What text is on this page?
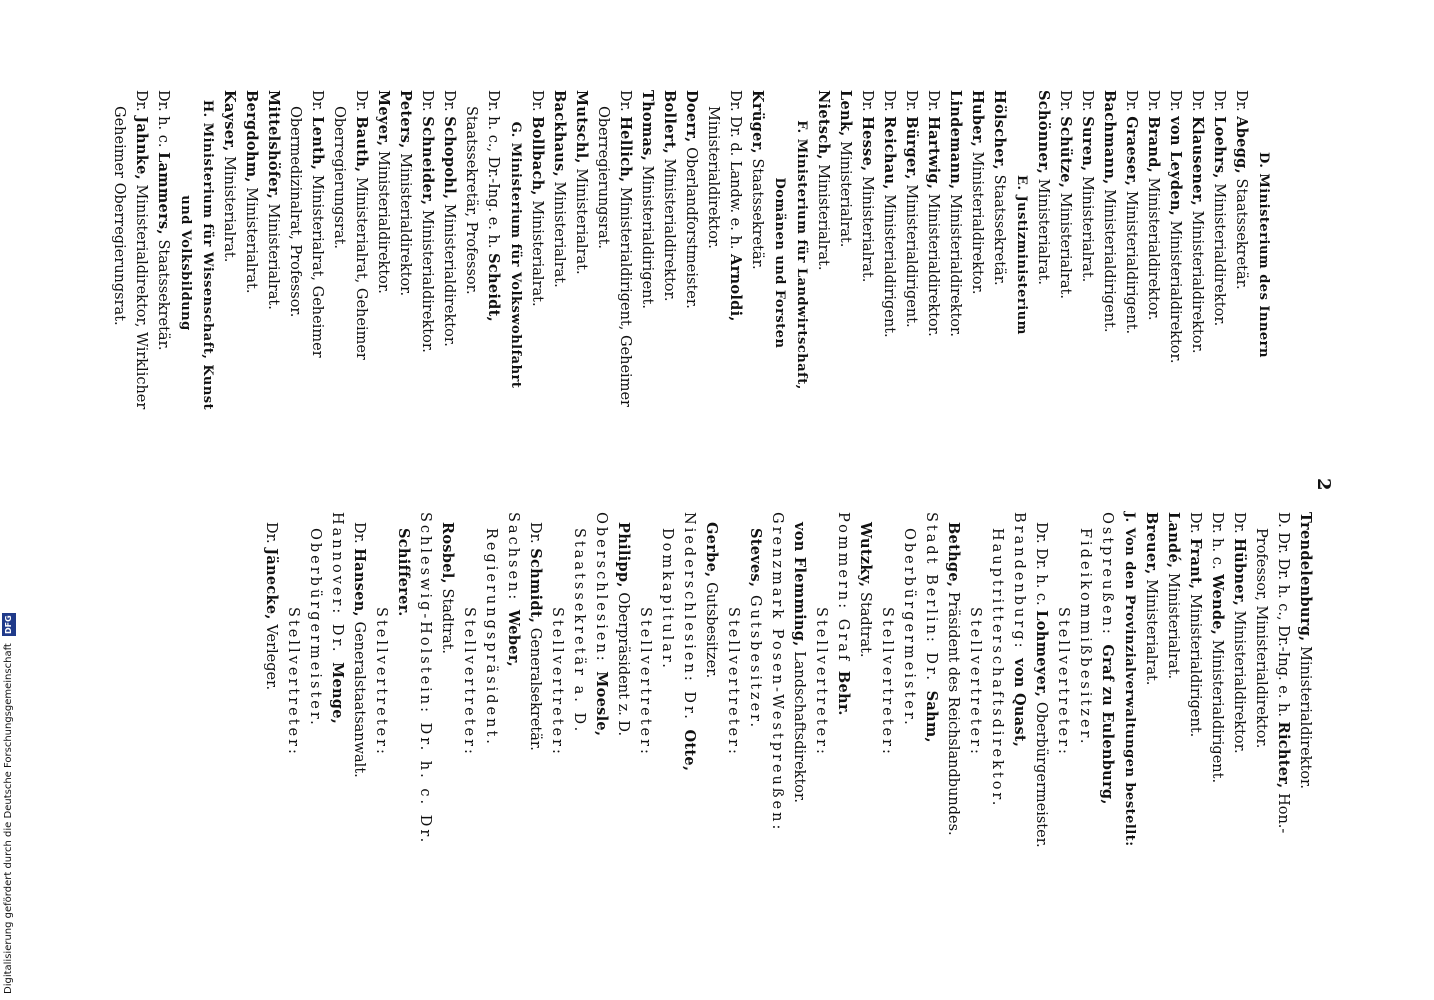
2

D. Ministerium des Innern

Dr. Abegg, Staatssekretär.

Dr. Loehrs, Ministerialdirektor.

Dr. Klausener, Ministerialdirektor.

Dr. von Leyden, Ministerialdirektor.

Dr. Brand, Ministerialdirektor.

Dr. Graeser, Ministerialdirigent.

Bachmann, Ministerialdirigent.

Dr. Suren, Ministerialrat.

Dr. Schütze, Ministerialrat.

Schönner, Ministerialrat.

E. Justizministerium

Hölscher, Staatssekretär.

Huber, Ministerialdirektor.

Lindemann, Ministerialdirektor.

Dr. Hartwig, Ministerialdirektor.

Dr. Bürger, Ministerialdirigent.

Dr. Reichau, Ministerialdirigent.

Dr. Hesse, Ministerialrat.

Lenk, Ministerialrat.

Nietsch, Ministerialrat.

F. Ministerium für Landwirtschaft, Domänen und Forsten

Krüger, Staatssekretär.

Dr. Dr. d. Landw. e. h. Arnoldi, Ministerialdirektor.

Doerr, Oberlandforstmeister.

Bollert, Ministerialdirektor.

Thomas, Ministerialdirigent.

Dr. Hellich, Ministerialdirigent, Geheimer Oberregierungsrat.

Mutschl, Ministerialrat.

Backhaus, Ministerialrat.

Dr. Bollbach, Ministerialrat.

G. Ministerium für Volkswohlfahrt

Dr. h. c., Dr.-Ing. e. h. Scheidt, Staatssekretär, Professor.

Dr. Schopohl, Ministerialdirektor.

Dr. Schneider, Ministerialdirektor.

Peters, Ministerialdirektor.

Meyer, Ministerialdirektor.

Dr. Bauth, Ministerialrat, Geheimer Oberregierungsrat.

Dr. Lenth, Ministerialrat, Geheimer Obermedizinalrat, Professor.

Mittelshöfer, Ministerialrat.

Bergdohm, Ministerialrat.

Kayser, Ministerialrat.

H. Ministerium für Wissenschaft, Kunst und Volksbildung

Dr. h. c. Lammers, Staatssekretär.

Dr. Jahnke, Ministerialdirektor, Wirklicher Geheimer Oberregierungsrat.

Trendelenburg, Ministerialdirektor.

D. Dr. Dr. h. c., Dr.-Ing. e. h. Richter, Hon.-Professor, Ministerialdirektor.

Dr. Hübner, Ministerialdirektor.

Dr. h. c. Wende, Ministerialdirigent.

Dr. Frant, Ministerialdirigent.

Landé, Ministerialrat.

Breuer, Ministerialrat.

J. Von den Provinzialverwaltungen bestellt:

Ostpreußen: Graf zu Eulenburg, Fideikommißbesitzer.

Stellvertreter:

Dr. Dr. h. c. Lohmeyer, Oberbürgermeister.

Brandenburg: von Quast, Hauptritterschaftsdirektor.

Stellvertreter:

Bethge, Präsident des Reichslandbundes.

Stadt Berlin: Dr. Sahm, Oberbürgermeister.

Stellvertreter:

Wutzky, Stadtrat.

Pommern: Graf Behr.

Stellvertreter:

von Flemming, Landschaftsdirektor.

Grenzmark Posen-Westpreußen: Steves, Gutsbesitzer.

Stellvertreter:

Gerbe, Gutsbesitzer.

Niederschlesien: Dr. Otte, Domkapitular.

Stellvertreter:

Philipp, Oberpräsident z. D.

Oberschlesien: Moesle, Staatssekretär a. D.

Stellvertreter:

Dr. Schmidt, Generalsekretär.

Sachsen: Weber, Regierungspräsident.

Stellvertreter:

Rosbel, Stadtrat.

Schleswig-Holstein: Dr. h. c. Dr. Schifferer.

Stellvertreter:

Dr. Hansen, Generalstaatsanwalt.

Hannover: Dr. Menge, Oberbürgermeister.

Stellvertreter:

Dr. Jänecke, Verleger.

Digitalisierung gefördert durch die Deutsche Forschungsgemeinschaft DFG
